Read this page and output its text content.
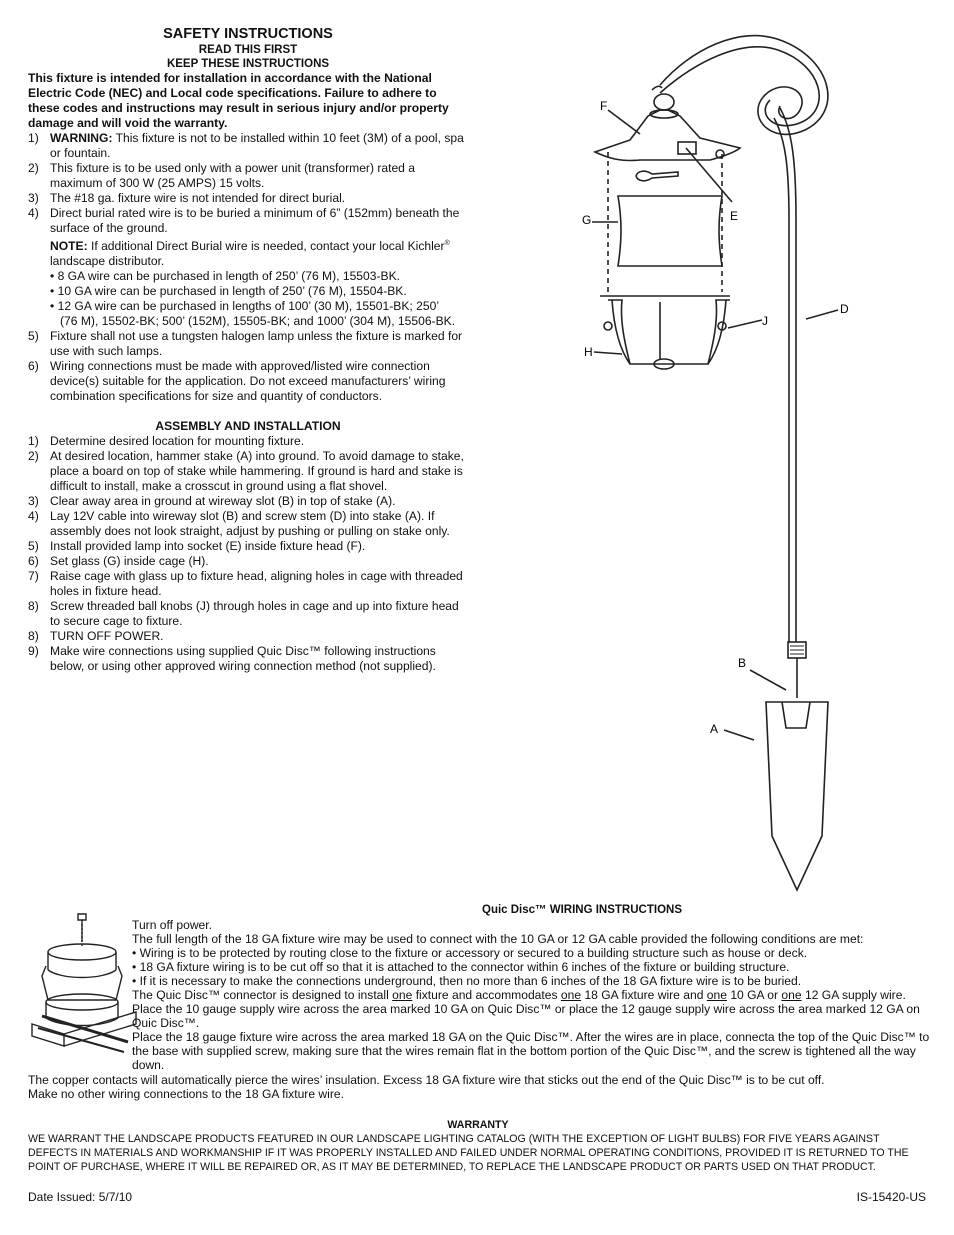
SAFETY INSTRUCTIONS
READ THIS FIRST
KEEP THESE INSTRUCTIONS

This fixture is intended for installation in accordance with the National Electric Code (NEC) and Local code specifications. Failure to adhere to these codes and instructions may result in serious injury and/or property damage and will void the warranty.

1) WARNING: This fixture is not to be installed within 10 feet (3M) of a pool, spa or fountain.
2) This fixture is to be used only with a power unit (transformer) rated a maximum of 300 W (25 AMPS) 15 volts.
3) The #18 ga. fixture wire is not intended for direct burial.
4) Direct burial rated wire is to be buried a minimum of 6” (152mm) beneath the surface of the ground.
NOTE: If additional Direct Burial wire is needed, contact your local Kichler® landscape distributor.
• 8 GA wire can be purchased in length of 250’ (76 M), 15503-BK.
• 10 GA wire can be purchased in length of 250’ (76 M), 15504-BK.
• 12 GA wire can be purchased in lengths of 100’ (30 M), 15501-BK; 250’
(76 M), 15502-BK; 500’ (152M), 15505-BK; and 1000’ (304 M), 15506-BK.
5) Fixture shall not use a tungsten halogen lamp unless the fixture is marked for use with such lamps.
6) Wiring connections must be made with approved/listed wire connection device(s) suitable for the application. Do not exceed manufacturers’ wiring combination specifications for size and quantity of conductors.
ASSEMBLY AND INSTALLATION
1) Determine desired location for mounting fixture.
2) At desired location, hammer stake (A) into ground. To avoid damage to stake, place a board on top of stake while hammering. If ground is hard and stake is difficult to install, make a crosscut in ground using a flat shovel.
3) Clear away area in ground at wireway slot (B) in top of stake (A).
4) Lay 12V cable into wireway slot (B) and screw stem (D) into stake (A). If assembly does not look straight, adjust by pushing or pulling on stake only.
5) Install provided lamp into socket (E) inside fixture head (F).
6) Set glass (G) inside cage (H).
7) Raise cage with glass up to fixture head, aligning holes in cage with threaded holes in fixture head.
8) Screw threaded ball knobs (J) through holes in cage and up into fixture head to secure cage to fixture.
8) TURN OFF POWER.
9) Make wire connections using supplied Quic Disc™ following instructions below, or using other approved wiring connection method (not supplied).
F
G	E
D
J
H
B
A
Quic Disc™ WIRING INSTRUCTIONS
Turn off power.
The full length of the 18 GA fixture wire may be used to connect with the 10 GA or 12 GA cable provided the following conditions are met:
• Wiring is to be protected by routing close to the fixture or accessory or secured to a building structure such as house or deck.
• 18 GA fixture wiring is to be cut off so that it is attached to the connector within 6 inches of the fixture or building structure.
• If it is necessary to make the connections underground, then no more than 6 inches of the 18 GA fixture wire is to be buried.
The Quic Disc™ connector is designed to install one fixture and accommodates one 18 GA fixture wire and one 10 GA or one 12 GA supply wire.
Place the 10 gauge supply wire across the area marked 10 GA on Quic Disc™ or place the 12 gauge supply wire across the area marked 12 GA on Quic Disc™.
Place the 18 gauge fixture wire across the area marked 18 GA on the Quic Disc™. After the wires are in place, connecta the top of the Quic Disc™ to the base with supplied screw, making sure that the wires remain flat in the bottom portion of the Quic Disc™, and the screw is tightened all the way down.
The copper contacts will automatically pierce the wires’ insulation. Excess 18 GA fixture wire that sticks out the end of the Quic Disc™ is to be cut off.
Make no other wiring connections to the 18 GA fixture wire.
WARRANTY
WE WARRANT THE LANDSCAPE PRODUCTS FEATURED IN OUR LANDSCAPE LIGHTING CATALOG (WITH THE EXCEPTION OF LIGHT BULBS) FOR FIVE YEARS AGAINST DEFECTS IN MATERIALS AND WORKMANSHIP IF IT WAS PROPERLY INSTALLED AND FAILED UNDER NORMAL OPERATING CONDITIONS, PROVIDED IT IS RETURNED TO THE POINT OF PURCHASE, WHERE IT WILL BE REPAIRED OR, AS IT MAY BE DETERMINED, TO REPLACE THE LANDSCAPE PRODUCT OR PARTS USED ON THAT PRODUCT.
Date Issued: 5/7/10	IS-15420-US
